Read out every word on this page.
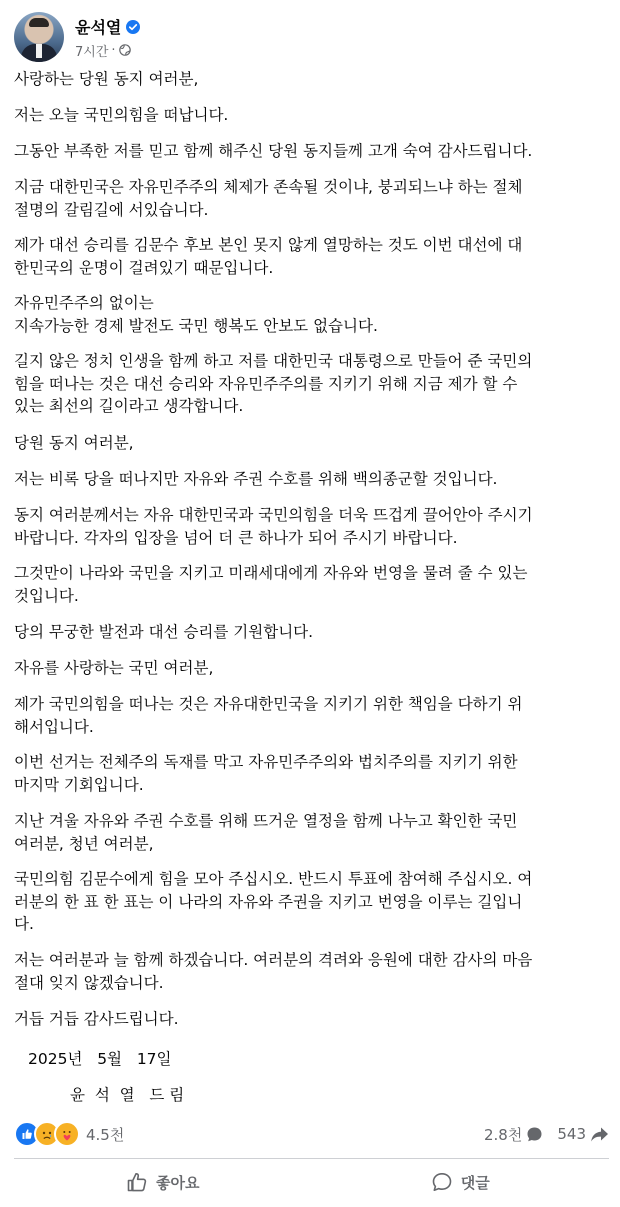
윤석열
7시간 ·

사랑하는 당원 동지 여러분,

저는 오늘 국민의힘을 떠납니다.

그동안 부족한 저를 믿고 함께 해주신 당원 동지들께 고개 숙여 감사드립니다.

지금 대한민국은 자유민주주의 체제가 존속될 것이냐, 붕괴되느냐 하는 절체
절명의 갈림길에 서있습니다.

제가 대선 승리를 김문수 후보 본인 못지 않게 열망하는 것도 이번 대선에 대
한민국의 운명이 걸려있기 때문입니다.

자유민주주의 없이는
지속가능한 경제 발전도 국민 행복도 안보도 없습니다.

길지 않은 정치 인생을 함께 하고 저를 대한민국 대통령으로 만들어 준 국민의
힘을 떠나는 것은 대선 승리와 자유민주주의를 지키기 위해 지금 제가 할 수
있는 최선의 길이라고 생각합니다.

당원 동지 여러분,

저는 비록 당을 떠나지만 자유와 주권 수호를 위해 백의종군할 것입니다.

동지 여러분께서는 자유 대한민국과 국민의힘을 더욱 뜨겁게 끌어안아 주시기
바랍니다. 각자의 입장을 넘어 더 큰 하나가 되어 주시기 바랍니다.

그것만이 나라와 국민을 지키고 미래세대에게 자유와 번영을 물려 줄 수 있는
것입니다.

당의 무궁한 발전과 대선 승리를 기원합니다.

자유를 사랑하는 국민 여러분,

제가 국민의힘을 떠나는 것은 자유대한민국을 지키기 위한 책임을 다하기 위
해서입니다.

이번 선거는 전체주의 독재를 막고 자유민주주의와 법치주의를 지키기 위한
마지막 기회입니다.

지난 겨울 자유와 주권 수호를 위해 뜨거운 열정을 함께 나누고 확인한 국민
여러분, 청년 여러분,

국민의힘 김문수에게 힘을 모아 주십시오. 반드시 투표에 참여해 주십시오. 여
러분의 한 표 한 표는 이 나라의 자유와 주권을 지키고 번영을 이루는 길입니
다.

저는 여러분과 늘 함께 하겠습니다. 여러분의 격려와 응원에 대한 감사의 마음
절대 잊지 않겠습니다.

거듭 거듭 감사드립니다.

2025년   5월   17일
윤  석  열   드 림
4.5천	2.8천 543
좋아요	댓글
